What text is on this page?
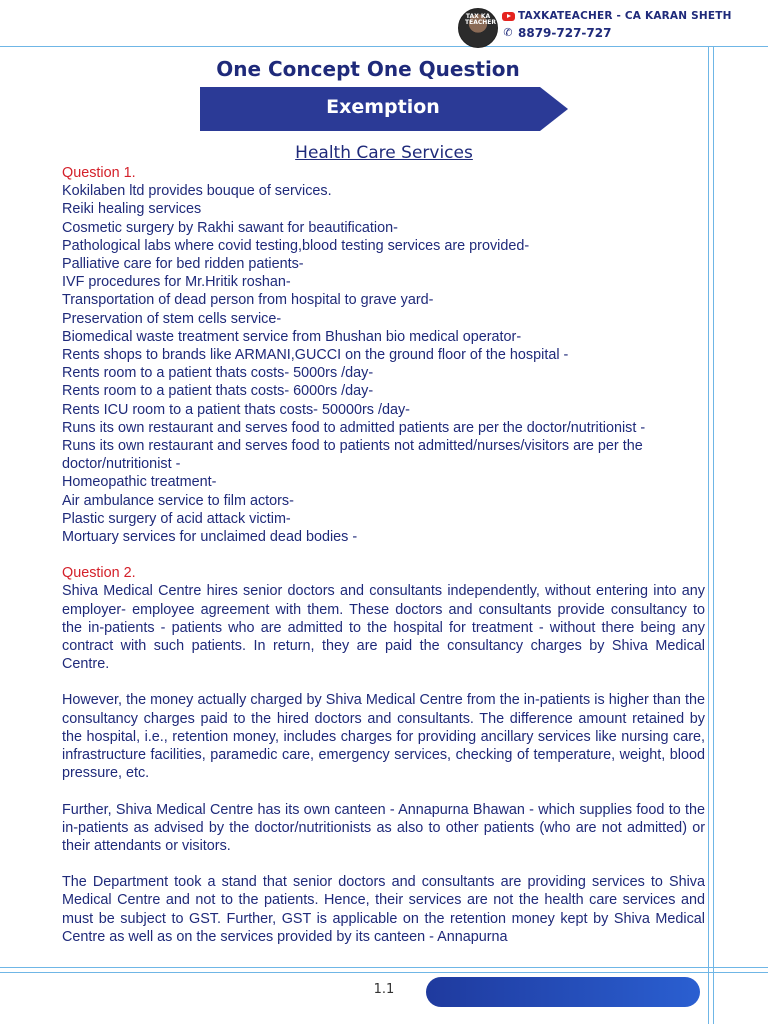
TAX KA TEACHER
TAXKATEACHER - CA KARAN SHETH
✆ 8879-727-727
One Concept One Question
Exemption
Health Care Services
Question 1.
Kokilaben ltd provides bouque of services.
Reiki healing services
Cosmetic surgery by Rakhi sawant for beautification-
Pathological labs where covid testing,blood testing services are provided-
Palliative care for bed ridden patients-
IVF procedures for Mr.Hritik roshan-
Transportation of dead person from hospital to grave yard-
Preservation of stem cells service-
Biomedical waste treatment service from Bhushan bio medical operator-
Rents shops to brands like ARMANI,GUCCI on the ground floor of the hospital -
Rents room to a patient thats costs- 5000rs /day-
Rents room to a patient thats costs- 6000rs /day-
Rents ICU room to a patient thats costs- 50000rs /day-
Runs its own restaurant and serves food to admitted patients are per the doctor/nutritionist -
Runs its own restaurant and serves food to patients not admitted/nurses/visitors are per the doctor/nutritionist -
Homeopathic treatment-
Air ambulance service to film actors-
Plastic surgery of acid attack victim-
Mortuary services for unclaimed dead bodies -
Question 2.
Shiva Medical Centre hires senior doctors and consultants independently, without entering into any employer- employee agreement with them. These doctors and consultants provide consultancy to the in-patients - patients who are admitted to the hospital for treatment - without there being any contract with such patients. In return, they are paid the consultancy charges by Shiva Medical Centre.
However, the money actually charged by Shiva Medical Centre from the in-patients is higher than the consultancy charges paid to the hired doctors and consultants. The difference amount retained by the hospital, i.e., retention money, includes charges for providing ancillary services like nursing care, infrastructure facilities, paramedic care, emergency services, checking of temperature, weight, blood pressure, etc.
Further, Shiva Medical Centre has its own canteen - Annapurna Bhawan - which supplies food to the in-patients as advised by the doctor/nutritionists as also to other patients (who are not admitted) or their attendants or visitors.
The Department took a stand that senior doctors and consultants are providing services to Shiva Medical Centre and not to the patients. Hence, their services are not the health care services and must be subject to GST. Further, GST is applicable on the retention money kept by Shiva Medical Centre as well as on the services provided by its canteen - Annapurna
1.1
